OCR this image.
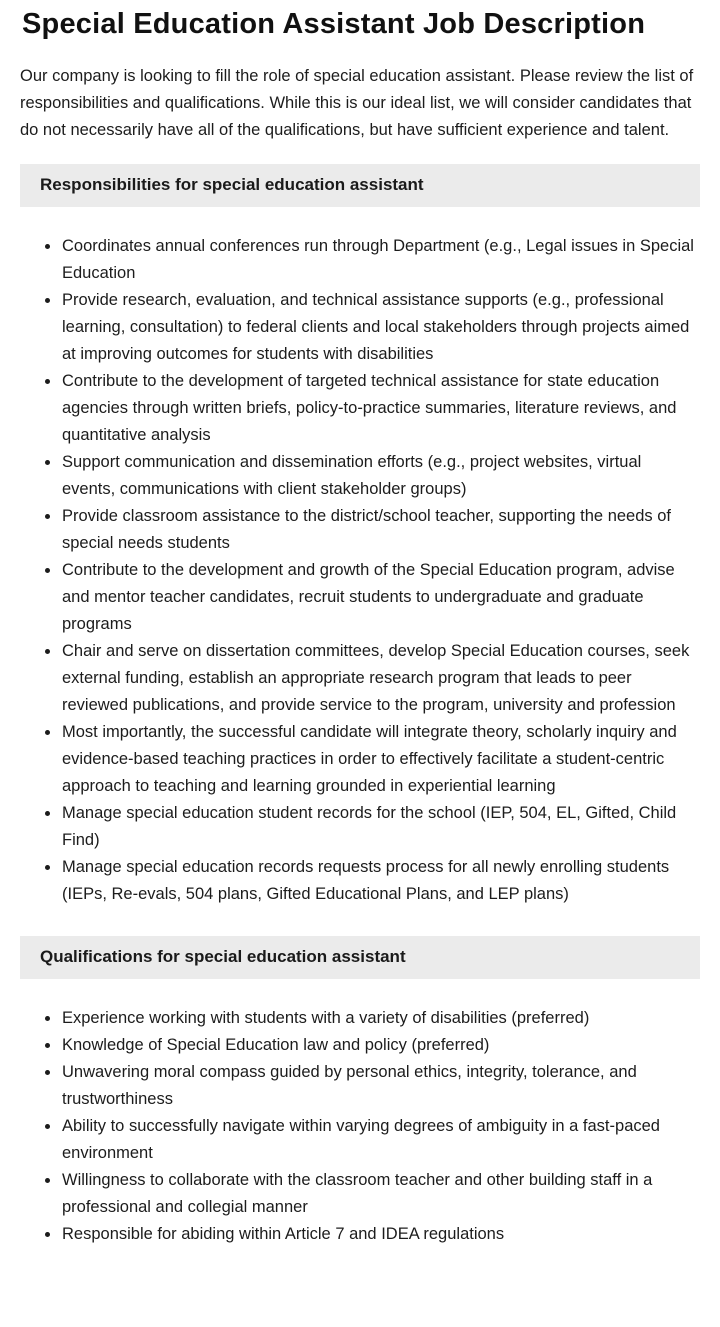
Special Education Assistant Job Description

Our company is looking to fill the role of special education assistant. Please review the list of responsibilities and qualifications. While this is our ideal list, we will consider candidates that do not necessarily have all of the qualifications, but have sufficient experience and talent.

Responsibilities for special education assistant
Coordinates annual conferences run through Department (e.g., Legal issues in Special Education
Provide research, evaluation, and technical assistance supports (e.g., professional learning, consultation) to federal clients and local stakeholders through projects aimed at improving outcomes for students with disabilities
Contribute to the development of targeted technical assistance for state education agencies through written briefs, policy-to-practice summaries, literature reviews, and quantitative analysis
Support communication and dissemination efforts (e.g., project websites, virtual events, communications with client stakeholder groups)
Provide classroom assistance to the district/school teacher, supporting the needs of special needs students
Contribute to the development and growth of the Special Education program, advise and mentor teacher candidates, recruit students to undergraduate and graduate programs
Chair and serve on dissertation committees, develop Special Education courses, seek external funding, establish an appropriate research program that leads to peer reviewed publications, and provide service to the program, university and profession
Most importantly, the successful candidate will integrate theory, scholarly inquiry and evidence-based teaching practices in order to effectively facilitate a student-centric approach to teaching and learning grounded in experiential learning
Manage special education student records for the school (IEP, 504, EL, Gifted, Child Find)
Manage special education records requests process for all newly enrolling students (IEPs, Re-evals, 504 plans, Gifted Educational Plans, and LEP plans)
Qualifications for special education assistant
Experience working with students with a variety of disabilities (preferred)
Knowledge of Special Education law and policy (preferred)
Unwavering moral compass guided by personal ethics, integrity, tolerance, and trustworthiness
Ability to successfully navigate within varying degrees of ambiguity in a fast-paced environment
Willingness to collaborate with the classroom teacher and other building staff in a professional and collegial manner
Responsible for abiding within Article 7 and IDEA regulations
